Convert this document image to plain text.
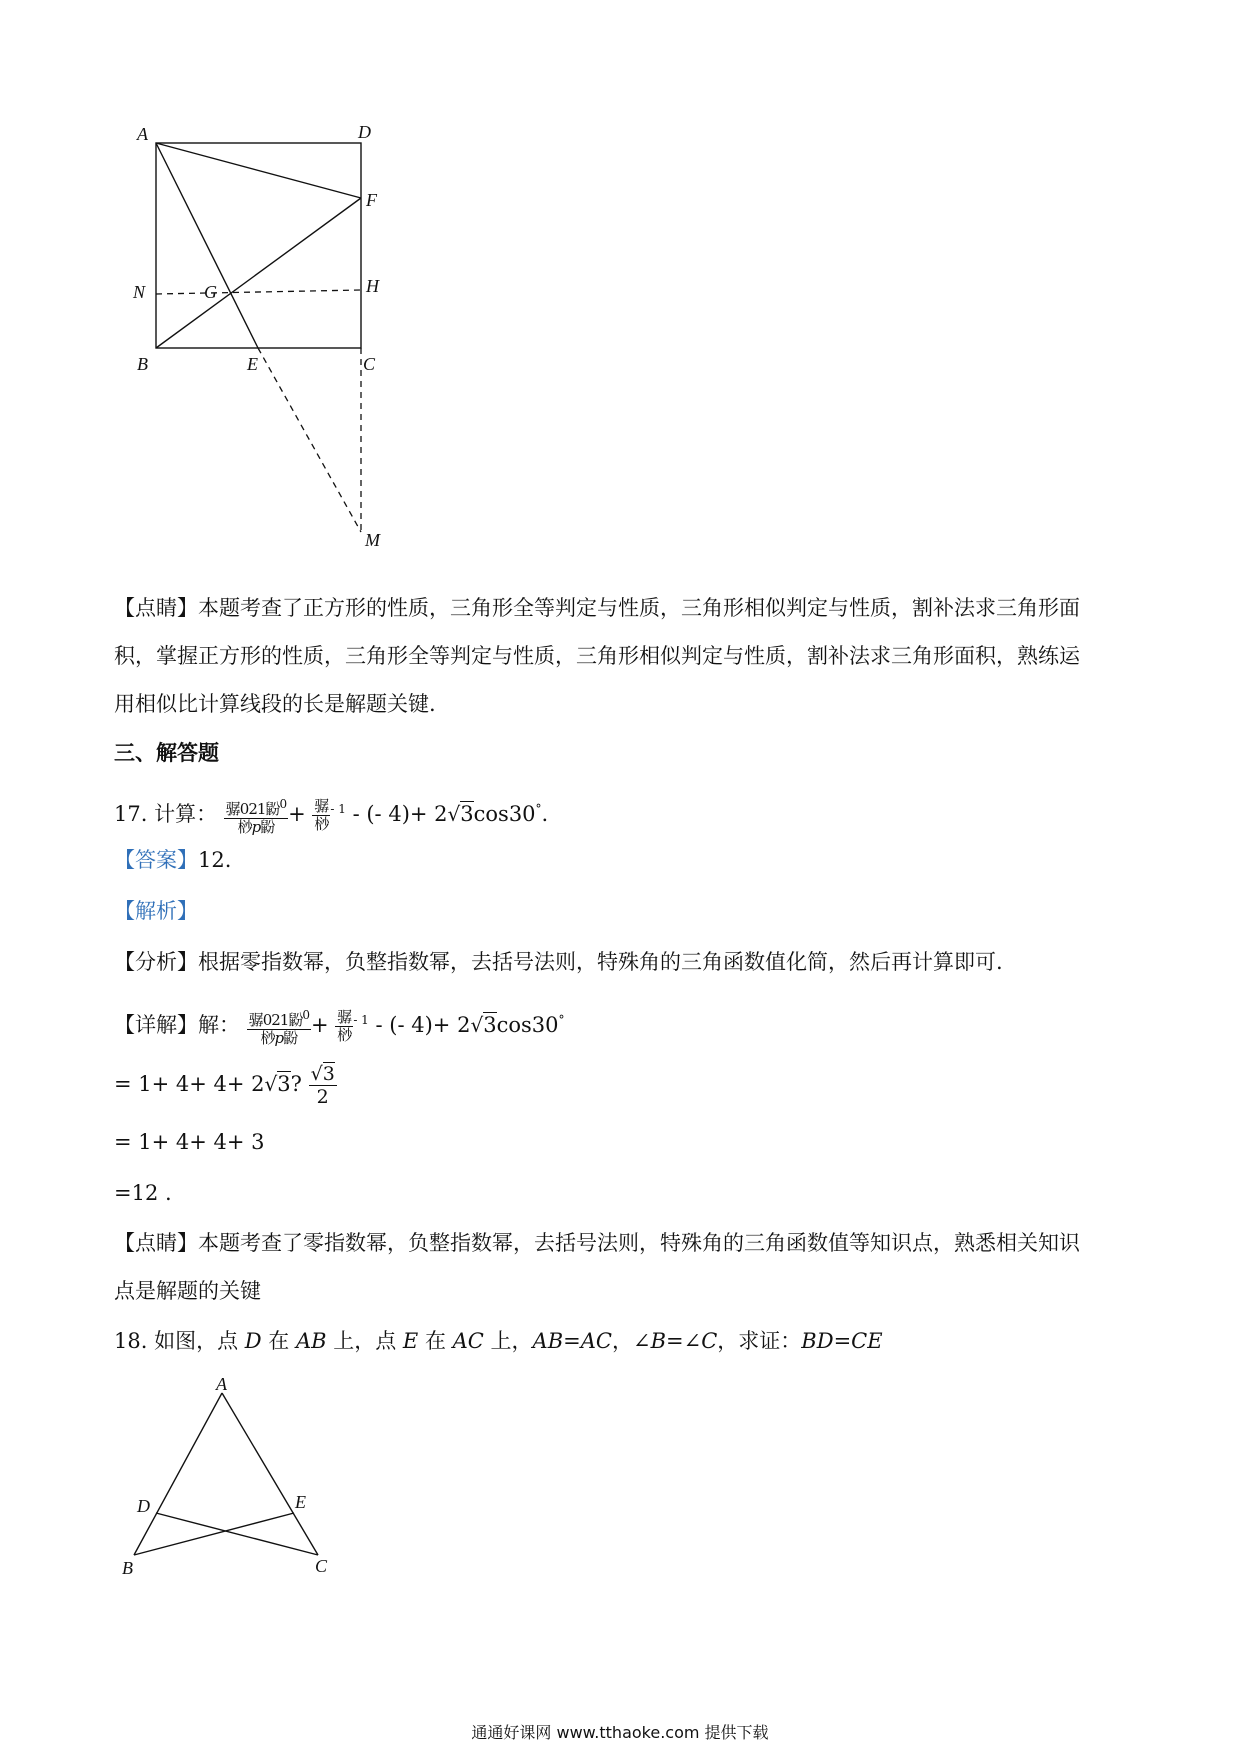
A	D
F
N	G	H
B	E	C
M
【点睛】本题考查了正方形的性质，三角形全等判定与性质，三角形相似判定与性质，割补法求三角形面
积，掌握正方形的性质，三角形全等判定与性质，三角形相似判定与性质，割补法求三角形面积，熟练运
用相似比计算线段的长是解题关键.
三、解答题
17. 计算： $\frac{骣021鼢^0}{\text{桫p鼢}} + \frac{\text{骣}}{\text{桫}} ^{- 1}$ - (- 4)+ 2√3cos30°.
【答案】12.
【解析】
【分析】根据零指数幂，负整指数幂，去括号法则，特殊角的三角函数值化简，然后再计算即可.
【详解】解： $\frac{骣021鼢^0}{\text{桫p鼢}} + \frac{\text{骣}}{\text{桫}} ^{- 1}$ - (- 4)+ 2√3cos30°
= 1+ 4+ 4+ 2√3? $\frac{√3}{2}$
= 1+ 4+ 4+ 3
=12 .
【点睛】本题考查了零指数幂，负整指数幂，去括号法则，特殊角的三角函数值等知识点，熟悉相关知识
点是解题的关键
18. 如图，点 D 在 AB 上，点 E 在 AC 上，AB=AC，∠B=∠C，求证：BD=CE
A
D	E
B	C
通通好课网 www.tthaoke.com 提供下载
